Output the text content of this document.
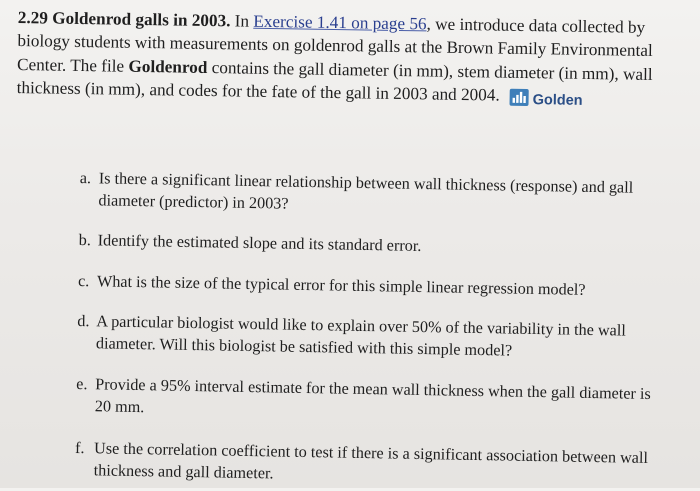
2.29 Goldenrod galls in 2003. In Exercise 1.41 on page 56, we introduce data collected by biology students with measurements on goldenrod galls at the Brown Family Environmental Center. The file Goldenrod contains the gall diameter (in mm), stem diameter (in mm), wall thickness (in mm), and codes for the fate of the gall in 2003 and 2004. Golden
a. Is there a significant linear relationship between wall thickness (response) and gall diameter (predictor) in 2003?
b. Identify the estimated slope and its standard error.
c. What is the size of the typical error for this simple linear regression model?
d. A particular biologist would like to explain over 50% of the variability in the wall diameter. Will this biologist be satisfied with this simple model?
e. Provide a 95% interval estimate for the mean wall thickness when the gall diameter is 20 mm.
f. Use the correlation coefficient to test if there is a significant association between wall thickness and gall diameter.
